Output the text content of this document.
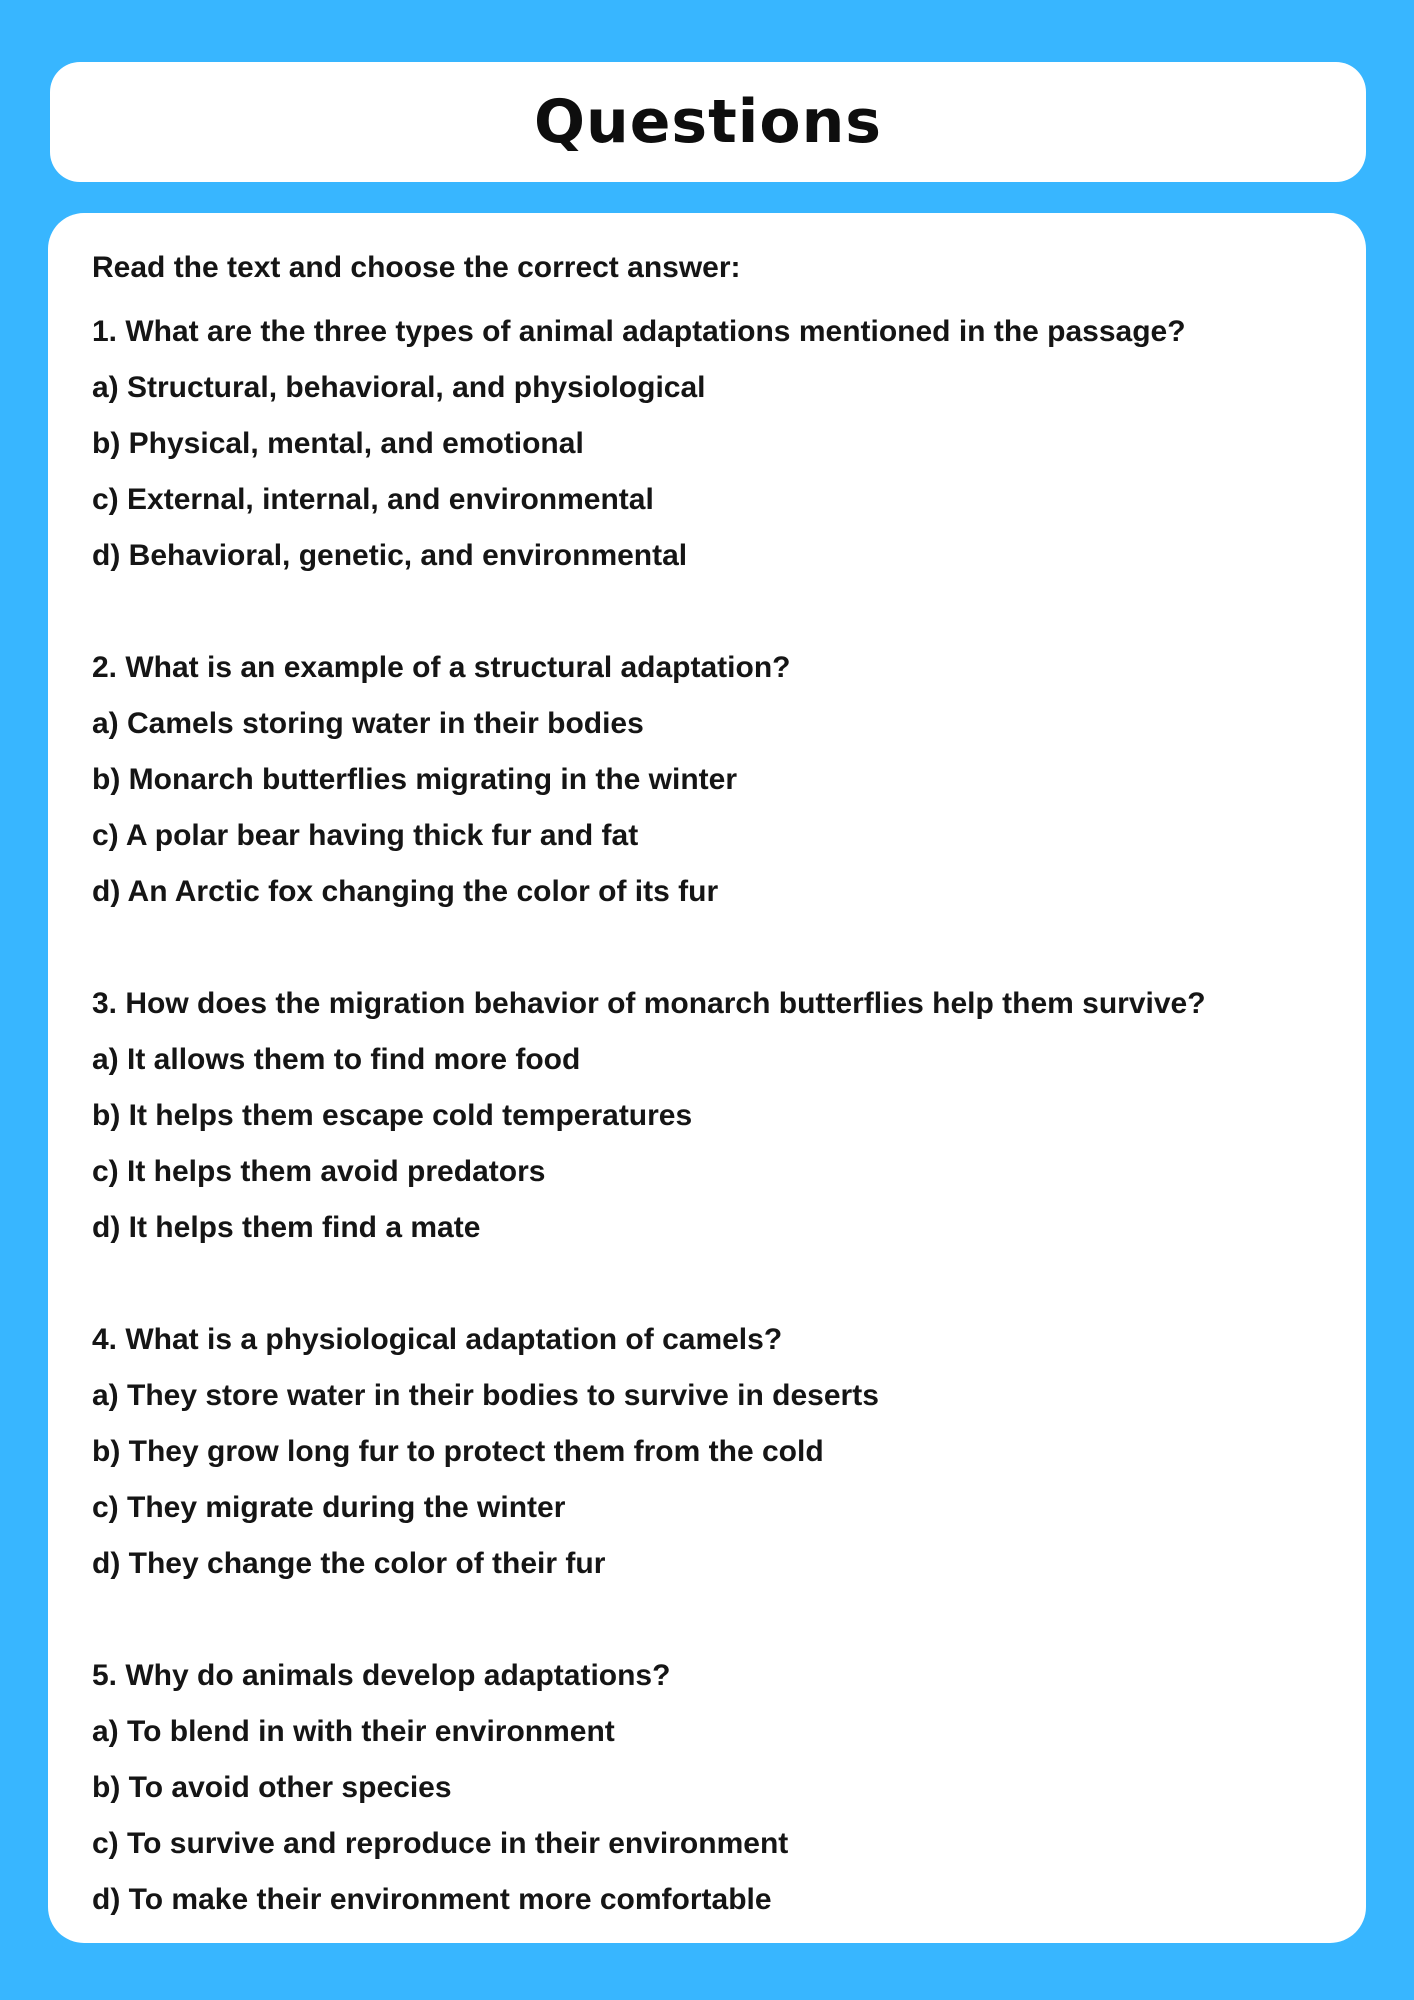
Questions
Read the text and choose the correct answer:
1. What are the three types of animal adaptations mentioned in the passage?
a) Structural, behavioral, and physiological
b) Physical, mental, and emotional
c) External, internal, and environmental
d) Behavioral, genetic, and environmental
2. What is an example of a structural adaptation?
a) Camels storing water in their bodies
b) Monarch butterflies migrating in the winter
c) A polar bear having thick fur and fat
d) An Arctic fox changing the color of its fur
3. How does the migration behavior of monarch butterflies help them survive?
a) It allows them to find more food
b) It helps them escape cold temperatures
c) It helps them avoid predators
d) It helps them find a mate
4. What is a physiological adaptation of camels?
a) They store water in their bodies to survive in deserts
b) They grow long fur to protect them from the cold
c) They migrate during the winter
d) They change the color of their fur
5. Why do animals develop adaptations?
a) To blend in with their environment
b) To avoid other species
c) To survive and reproduce in their environment
d) To make their environment more comfortable
